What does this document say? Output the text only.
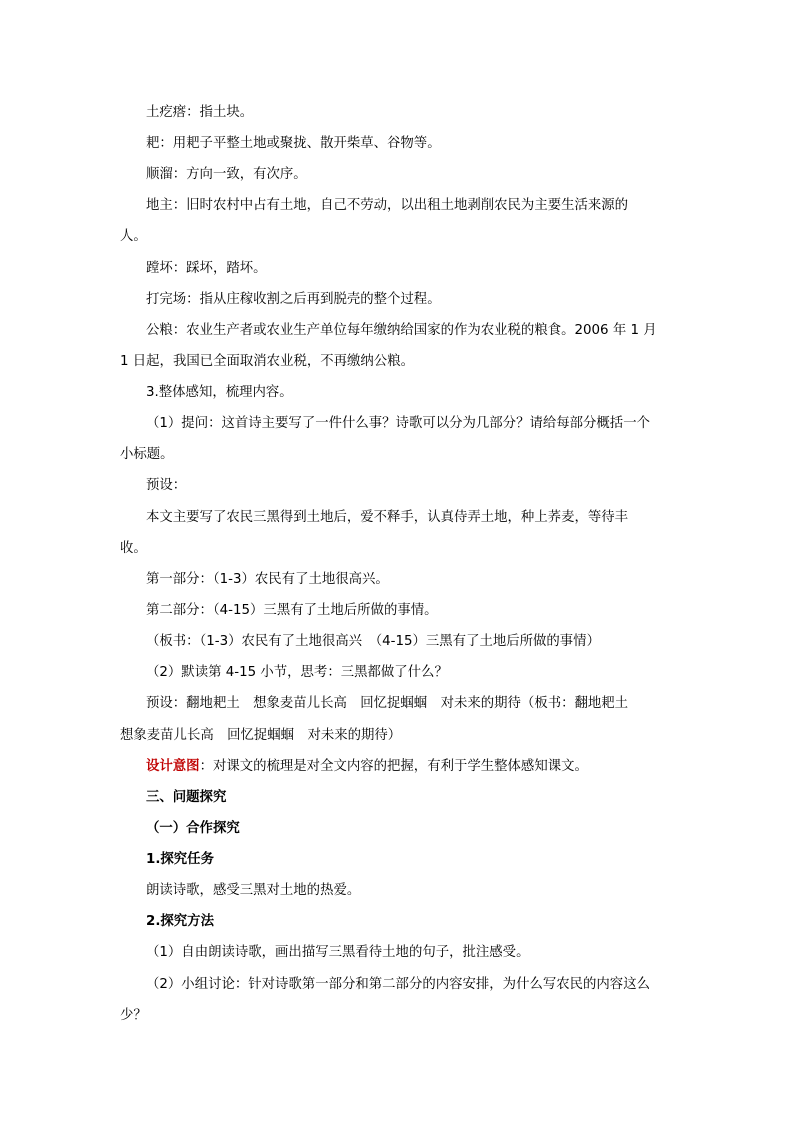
土疙瘩：指土块。
耙：用耙子平整土地或聚拢、散开柴草、谷物等。
顺溜：方向一致，有次序。
地主：旧时农村中占有土地，自己不劳动，以出租土地剥削农民为主要生活来源的
人。
蹚坏：踩坏，踏坏。
打完场：指从庄稼收割之后再到脱壳的整个过程。
公粮：农业生产者或农业生产单位每年缴纳给国家的作为农业税的粮食。2006 年 1 月
1 日起，我国已全面取消农业税，不再缴纳公粮。
3.整体感知，梳理内容。
（1）提问：这首诗主要写了一件什么事？诗歌可以分为几部分？请给每部分概括一个
小标题。
预设：
本文主要写了农民三黑得到土地后，爱不释手，认真侍弄土地，种上荞麦，等待丰
收。
第一部分：（1-3）农民有了土地很高兴。
第二部分：（4-15）三黑有了土地后所做的事情。
（板书：（1-3）农民有了土地很高兴　（4-15）三黑有了土地后所做的事情）
（2）默读第 4-15 小节，思考：三黑都做了什么？
预设：翻地耙土　想象麦苗儿长高　回忆捉蝈蝈　对未来的期待（板书：翻地耙土
想象麦苗儿长高　回忆捉蝈蝈　对未来的期待）
设计意图：对课文的梳理是对全文内容的把握，有利于学生整体感知课文。
三、问题探究
（一）合作探究
1.探究任务
朗读诗歌，感受三黑对土地的热爱。
2.探究方法
（1）自由朗读诗歌，画出描写三黑看待土地的句子，批注感受。
（2）小组讨论：针对诗歌第一部分和第二部分的内容安排，为什么写农民的内容这么
少？
